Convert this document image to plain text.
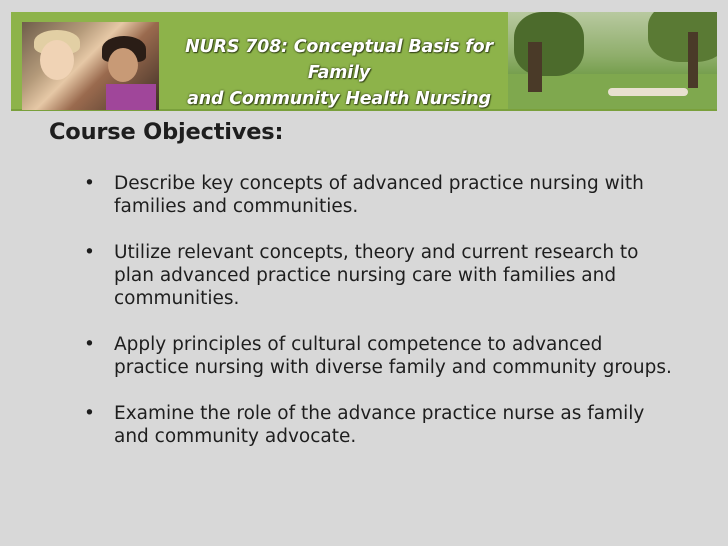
NURS 708: Conceptual Basis for Family
and Community Health Nursing
Course Objectives:
• Describe key concepts of advanced practice nursing with families and communities.
• Utilize relevant concepts, theory and current research to plan advanced practice nursing care with families and communities.
• Apply principles of cultural competence to advanced practice nursing with diverse family and community groups.
• Examine the role of the advance practice nurse as family and community advocate.
